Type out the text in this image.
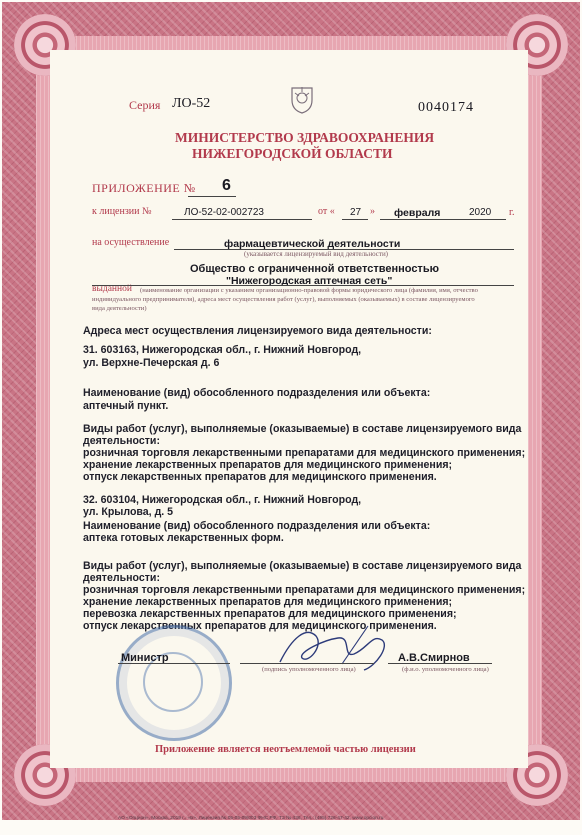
Серия ЛО-52	0040174
МИНИСТЕРСТВО ЗДРАВООХРАНЕНИЯ
НИЖЕГОРОДСКОЙ ОБЛАСТИ
ПРИЛОЖЕНИЕ № 6
к лицензии №	ЛО-52-02-002723	от « 27 » февраля	2020 г.
на осуществление	фармацевтической деятельности
(указывается лицензируемый вид деятельности)
Общество с ограниченной ответственностью
"Нижегородская аптечная сеть"
выданной (наименование организации с указанием организационно-правовой формы юридического лица (фамилия, имя, отчество
индивидуального предпринимателя), адреса мест осуществления работ (услуг), выполняемых (оказываемых) в составе лицензируемого
вида деятельности)
Адреса мест осуществления лицензируемого вида деятельности:
31. 603163, Нижегородская обл., г. Нижний Новгород,
ул. Верхне-Печерская д. 6
Наименование (вид) обособленного подразделения или объекта:
аптечный пункт.
Виды работ (услуг), выполняемые (оказываемые) в составе лицензируемого вида
деятельности:
розничная торговля лекарственными препаратами для медицинского применения;
хранение лекарственных препаратов для медицинского применения;
отпуск лекарственных препаратов для медицинского применения.
32. 603104, Нижегородская обл., г. Нижний Новгород,
ул. Крылова, д. 5
Наименование (вид) обособленного подразделения или объекта:
аптека готовых лекарственных форм.
Виды работ (услуг), выполняемые (оказываемые) в составе лицензируемого вида
деятельности:
розничная торговля лекарственными препаратами для медицинского применения;
хранение лекарственных препаратов для медицинского применения;
перевозка лекарственных препаратов для медицинского применения;
отпуск лекарственных препаратов для медицинского применения.
Министр
(подпись уполномоченного лица)
А.В.Смирнов
(ф.и.о. уполномоченного лица)
Приложение является неотъемлемой частью лицензии
АО «Опцион», Москва, 2019 г., «Б», Лицензия № 05-05-09/003 ФНС РФ, ТЗ № 436, Тел.: (495) 726-47-42, www.opcion.ru
